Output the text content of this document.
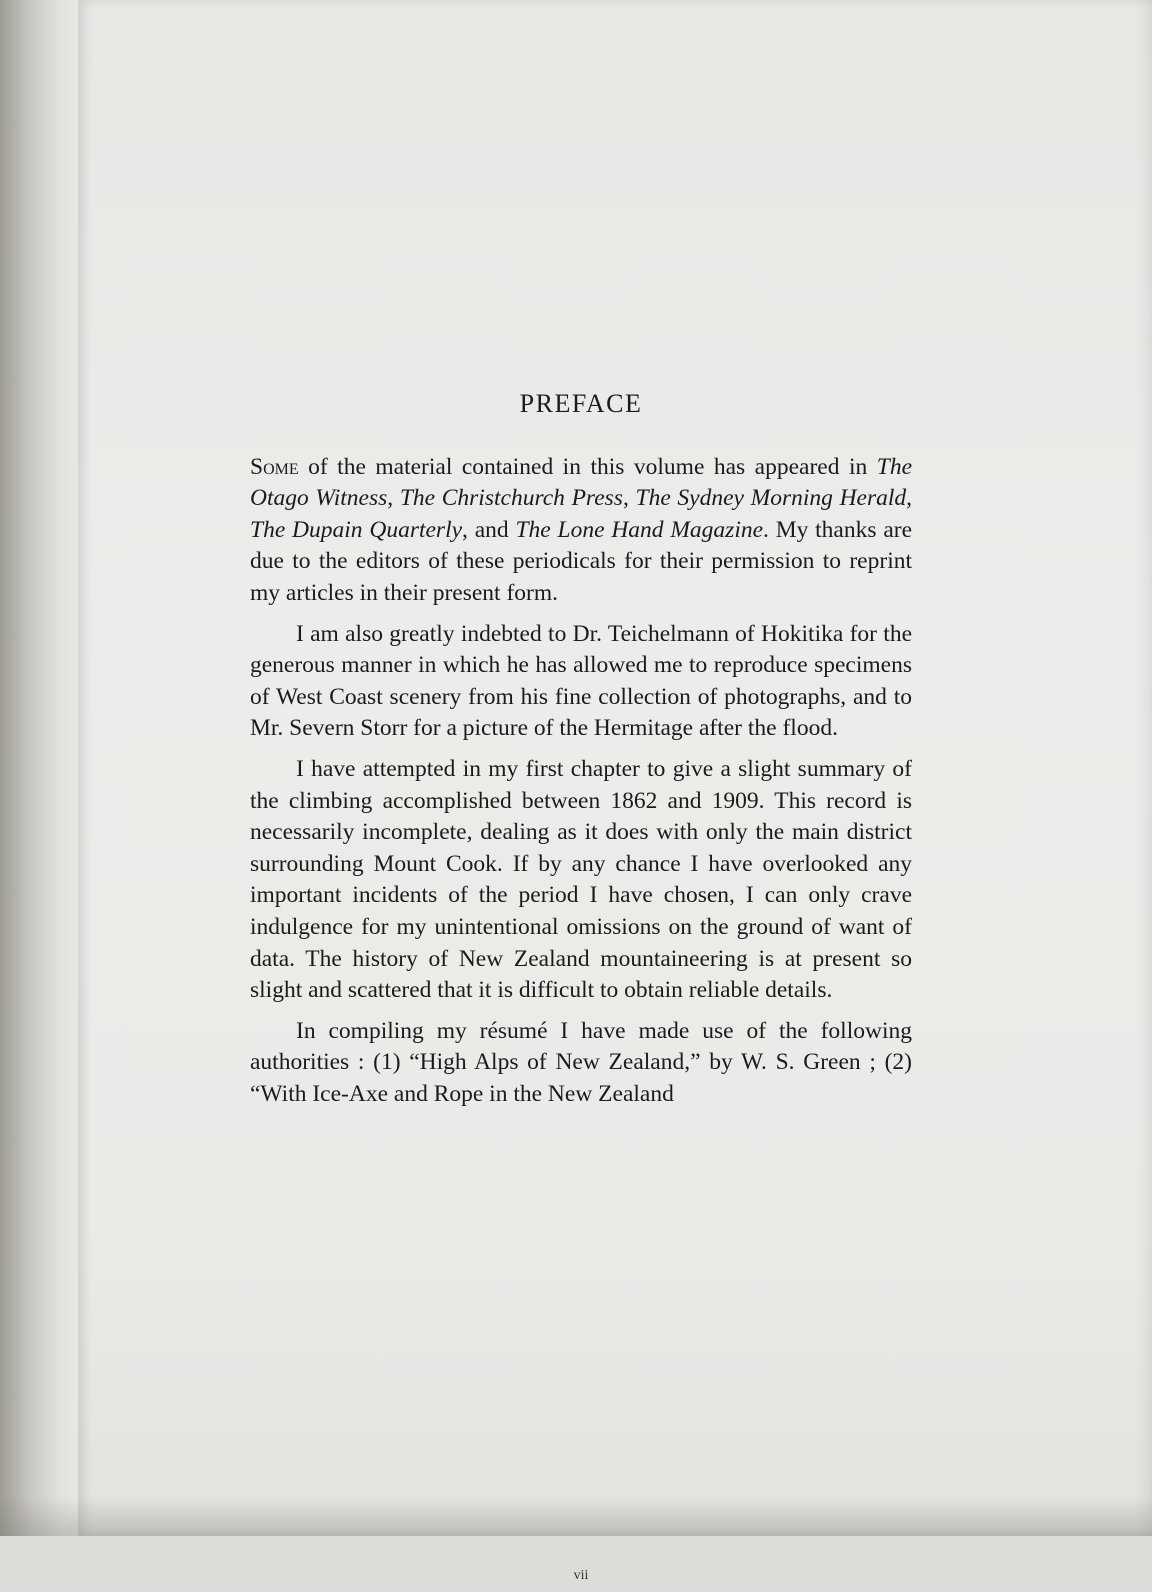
PREFACE

Some of the material contained in this volume has appeared in The Otago Witness, The Christchurch Press, The Sydney Morning Herald, The Dupain Quarterly, and The Lone Hand Magazine. My thanks are due to the editors of these periodicals for their permission to reprint my articles in their present form.

I am also greatly indebted to Dr. Teichelmann of Hokitika for the generous manner in which he has allowed me to reproduce specimens of West Coast scenery from his fine collection of photographs, and to Mr. Severn Storr for a picture of the Hermitage after the flood.

I have attempted in my first chapter to give a slight summary of the climbing accomplished between 1862 and 1909. This record is necessarily incomplete, dealing as it does with only the main district surrounding Mount Cook. If by any chance I have overlooked any important incidents of the period I have chosen, I can only crave indulgence for my unintentional omissions on the ground of want of data. The history of New Zealand mountaineering is at present so slight and scattered that it is difficult to obtain reliable details.

In compiling my résumé I have made use of the following authorities : (1) “High Alps of New Zealand,” by W. S. Green ; (2) “With Ice-Axe and Rope in the New Zealand

vii
